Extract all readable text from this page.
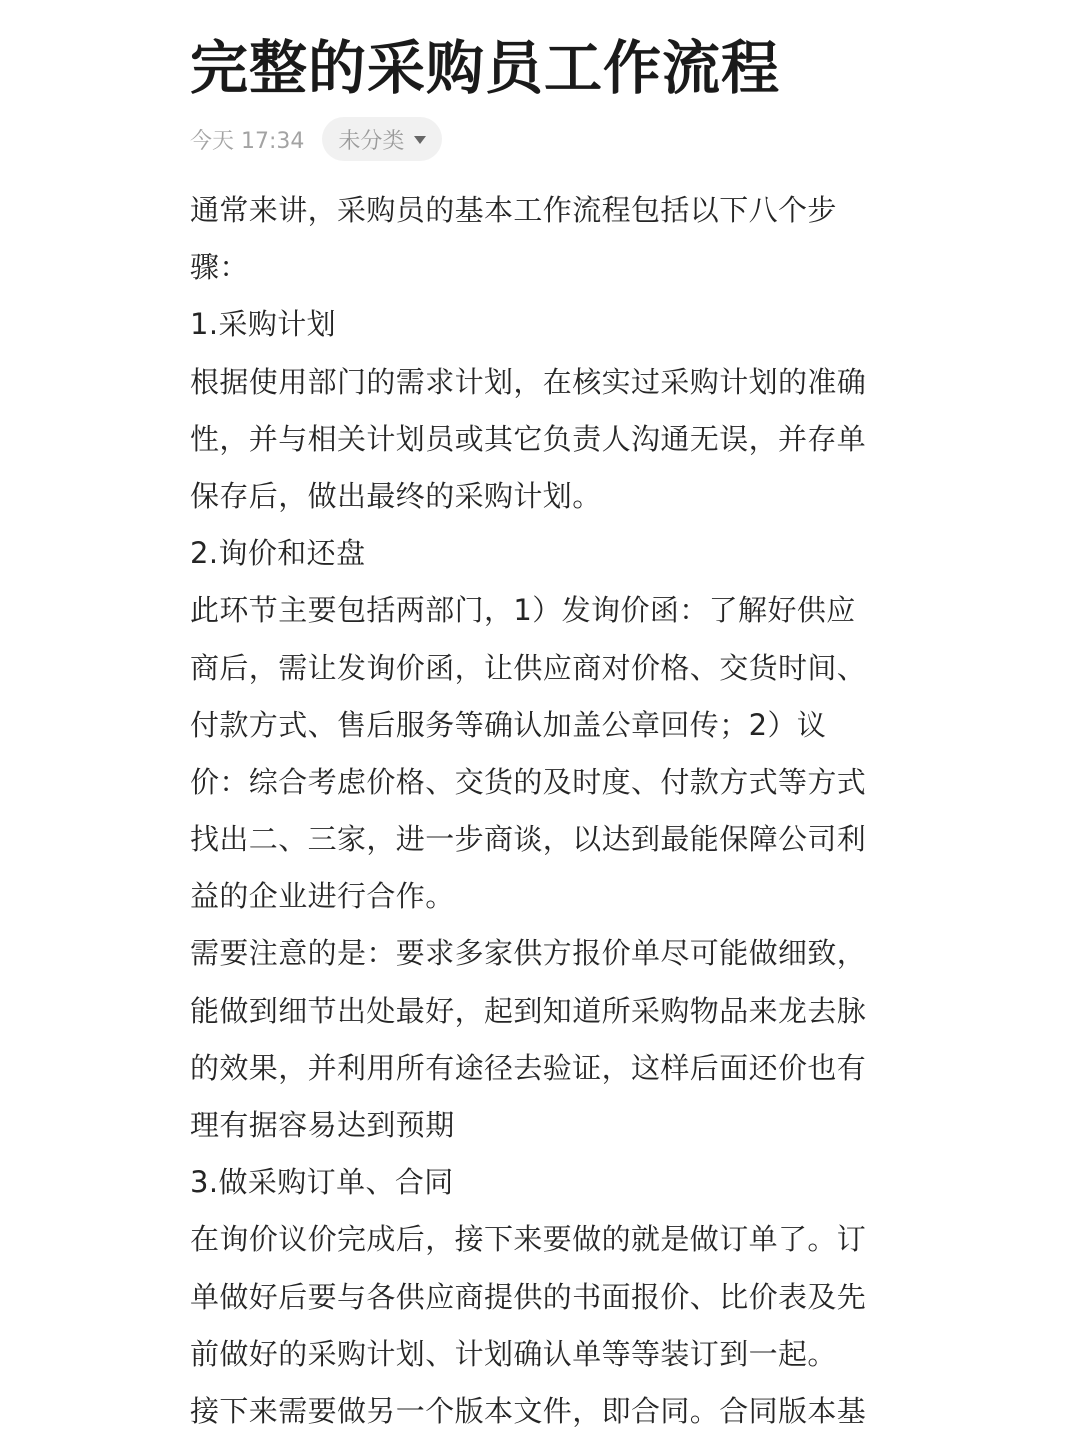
完整的采购员工作流程
今天 17:34 未分类
通常来讲，采购员的基本工作流程包括以下八个步
骤：
1.采购计划
根据使用部门的需求计划，在核实过采购计划的准确
性，并与相关计划员或其它负责人沟通无误，并存单
保存后，做出最终的采购计划。
2.询价和还盘
此环节主要包括两部门，1）发询价函：了解好供应
商后，需让发询价函，让供应商对价格、交货时间、
付款方式、售后服务等确认加盖公章回传；2）议
价：综合考虑价格、交货的及时度、付款方式等方式
找出二、三家，进一步商谈，以达到最能保障公司利
益的企业进行合作。
需要注意的是：要求多家供方报价单尽可能做细致，
能做到细节出处最好，起到知道所采购物品来龙去脉
的效果，并利用所有途径去验证，这样后面还价也有
理有据容易达到预期
3.做采购订单、合同
在询价议价完成后，接下来要做的就是做订单了。订
单做好后要与各供应商提供的书面报价、比价表及先
前做好的采购计划、计划确认单等等装订到一起。
接下来需要做另一个版本文件，即合同。合同版本基
